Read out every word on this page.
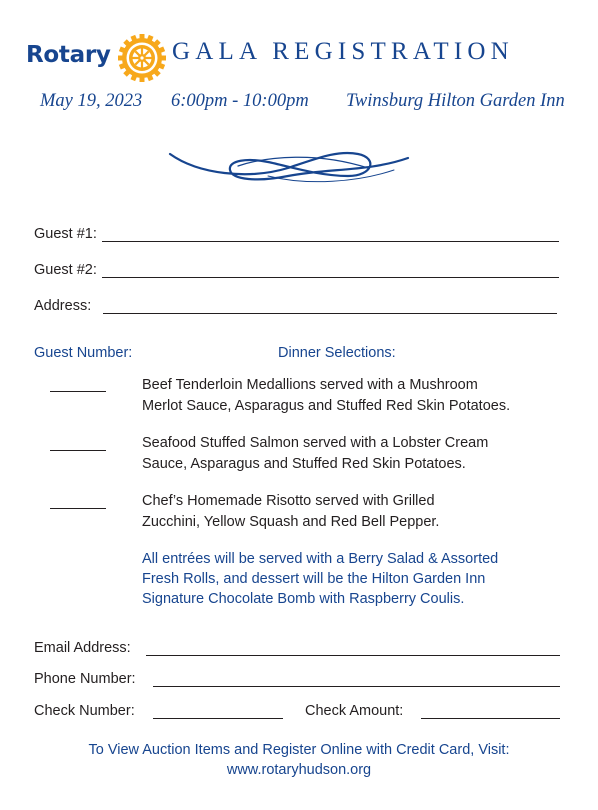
Rotary GALA REGISTRATION
May 19, 2023 6:00pm - 10:00pm Twinsburg Hilton Garden Inn
Guest #1:
Guest #2:
Address:
Guest Number:	Dinner Selections:
Beef Tenderloin Medallions served with a Mushroom
Merlot Sauce, Asparagus and Stuffed Red Skin Potatoes.
Seafood Stuffed Salmon served with a Lobster Cream
Sauce, Asparagus and Stuffed Red Skin Potatoes.
Chef’s Homemade Risotto served with Grilled
Zucchini, Yellow Squash and Red Bell Pepper.
All entrées will be served with a Berry Salad & Assorted
Fresh Rolls, and dessert will be the Hilton Garden Inn
Signature Chocolate Bomb with Raspberry Coulis.
Email Address:
Phone Number:
Check Number:	Check Amount:
To View Auction Items and Register Online with Credit Card, Visit:
www.rotaryhudson.org
